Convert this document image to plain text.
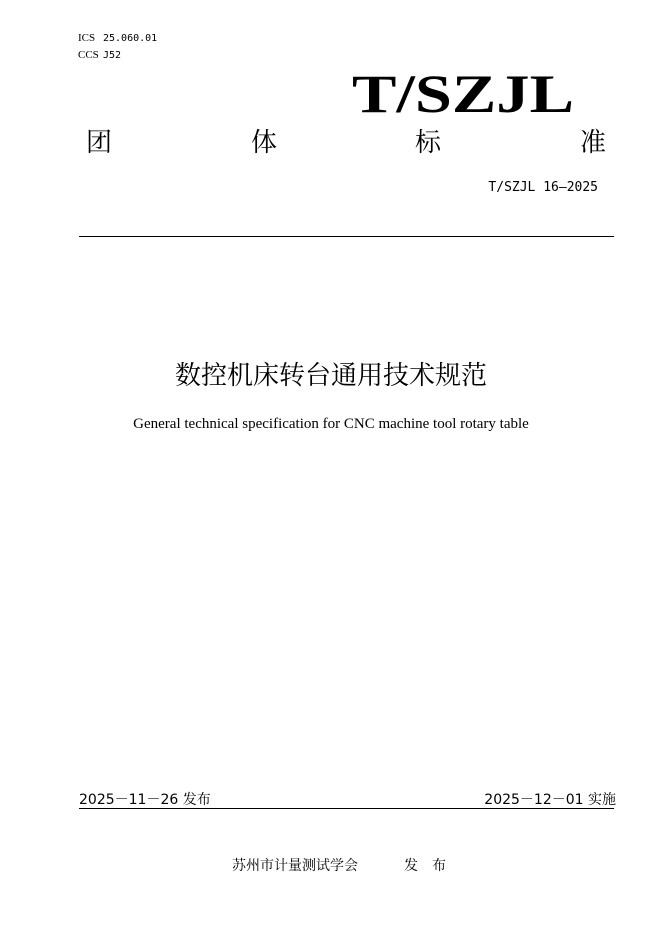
ICS 25.060.01
CCS J52
T/SZJL
团	体	标	准
T/SZJL 16—2025
数控机床转台通用技术规范
General technical specification for CNC machine tool rotary table
2025－11－26 发布	2025－12－01 实施
苏州市计量测试学会	发布
